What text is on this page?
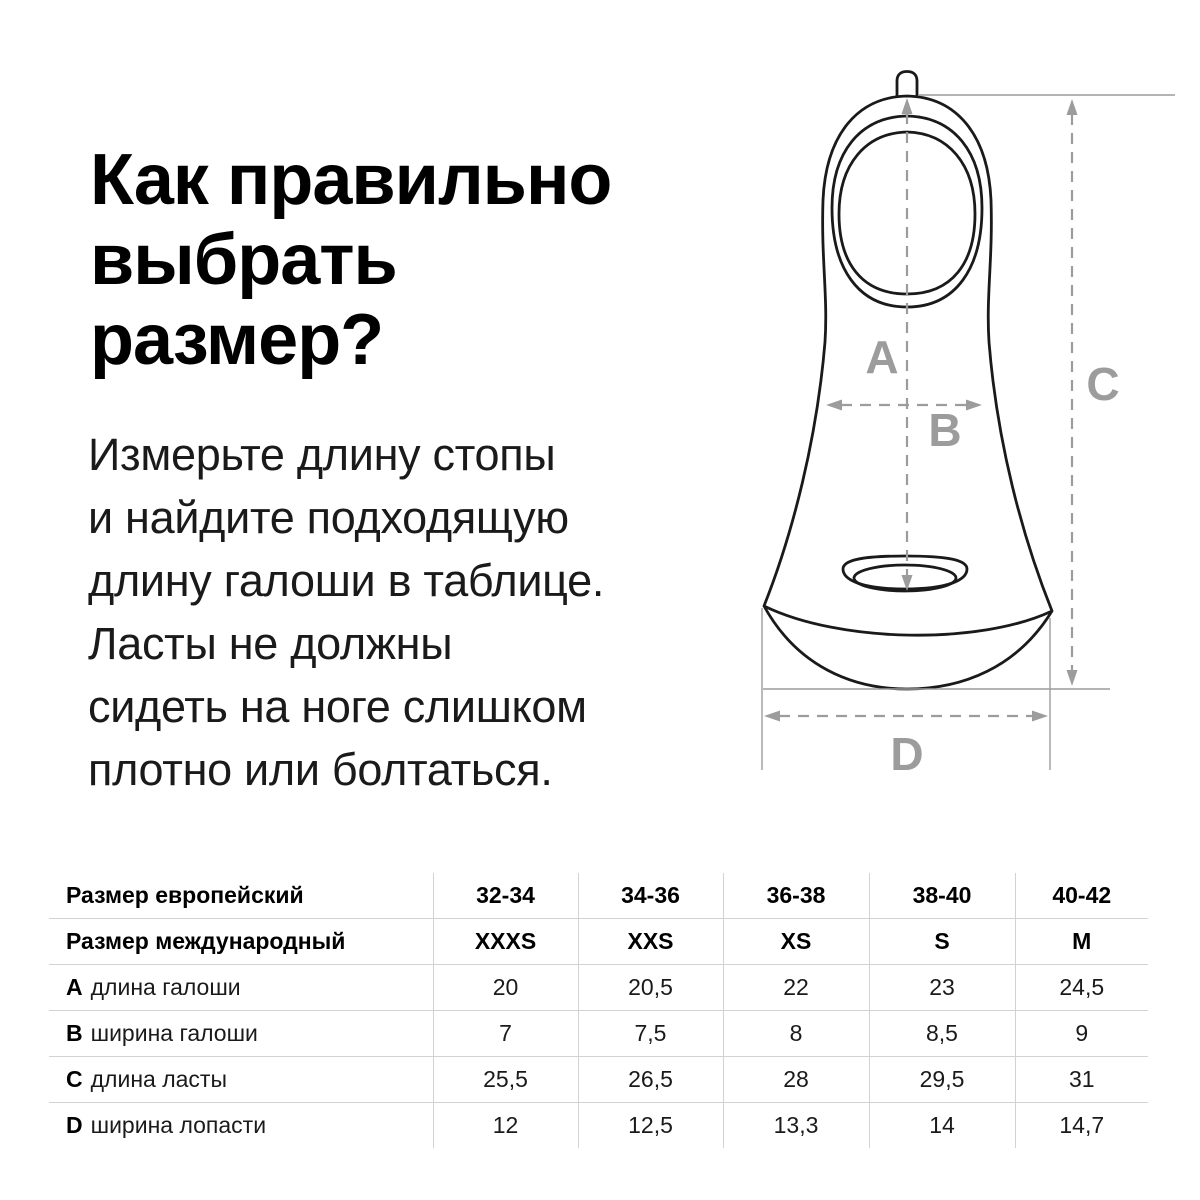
Как правильно
выбрать
размер?
Измерьте длину стопы
и найдите подходящую
длину галоши в таблице.
Ласты не должны
сидеть на ноге слишком
плотно или болтаться.
A
B
C
D
Размер европейский	32-34	34-36	36-38	38-40	40-42
Размер международный	XXXS	XXS	XS	S	M
A длина галоши	20	20,5	22	23	24,5
B ширина галоши	7	7,5	8	8,5	9
C длина ласты	25,5	26,5	28	29,5	31
D ширина лопасти	12	12,5	13,3	14	14,7
